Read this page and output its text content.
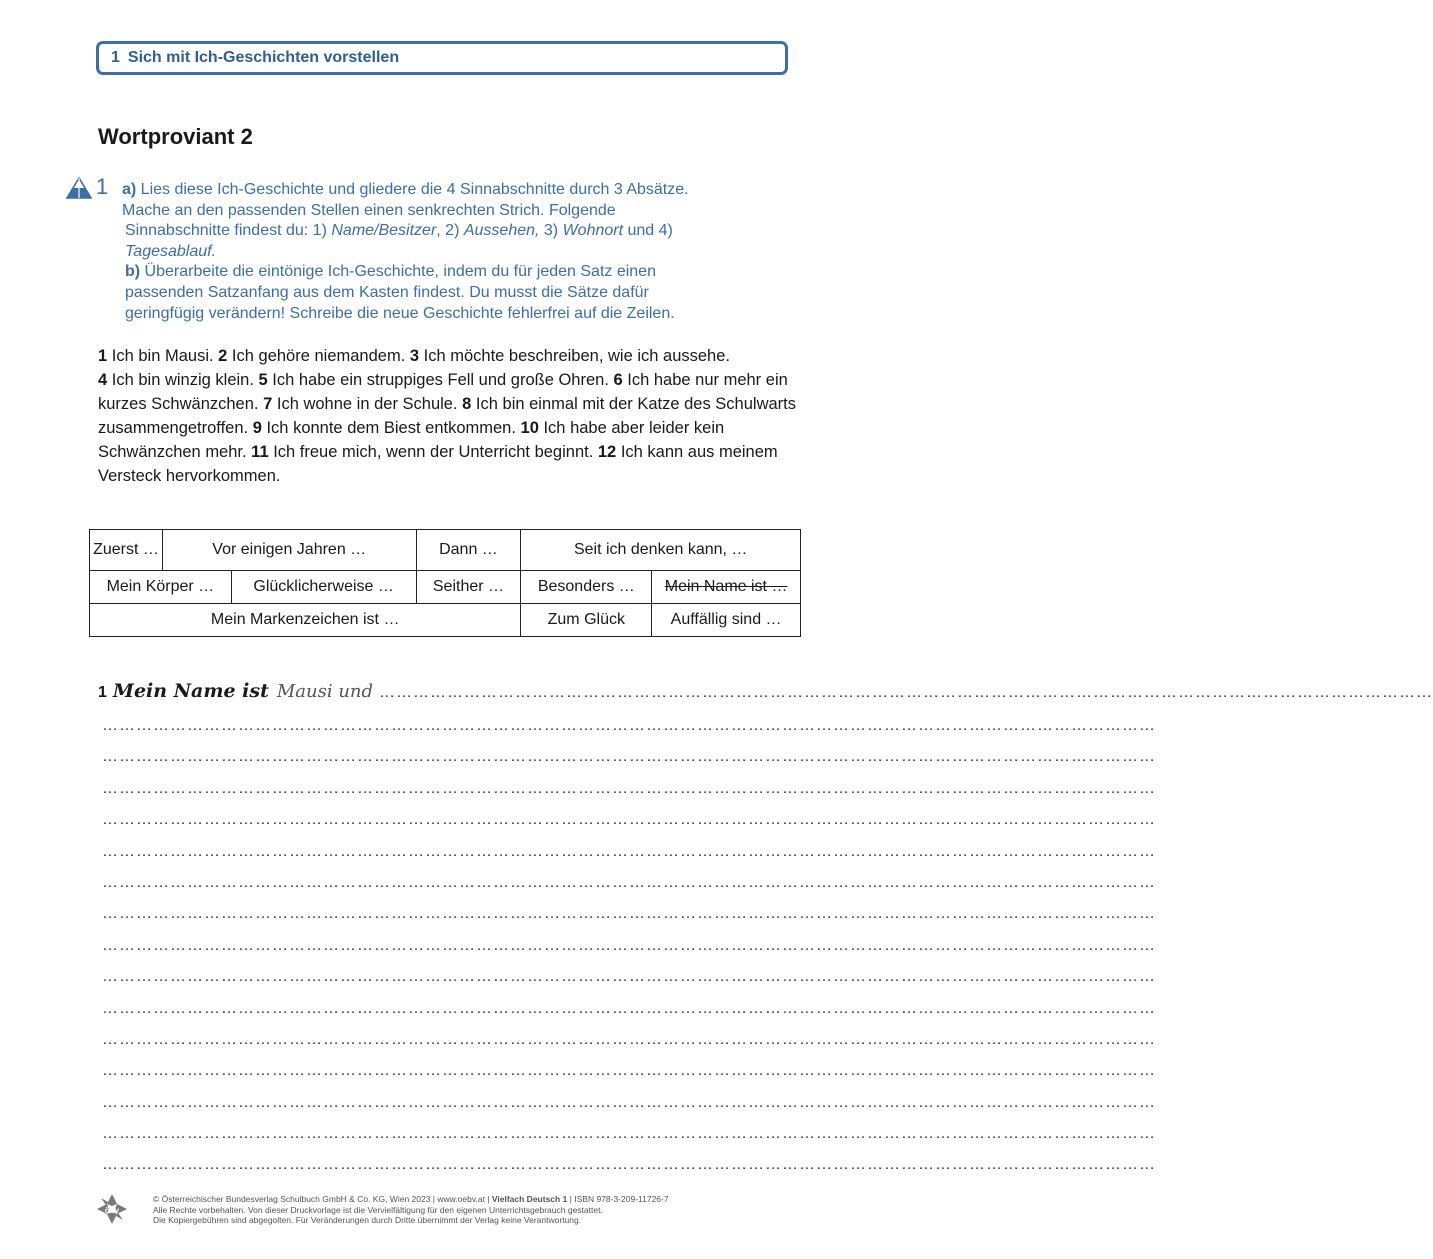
1 Sich mit Ich-Geschichten vorstellen
Wortproviant 2
1 a) Lies diese Ich-Geschichte und gliedere die 4 Sinnabschnitte durch 3 Absätze.

Mache an den passenden Stellen einen senkrechten Strich. Folgende

Sinnabschnitte findest du: 1) Name/Besitzer, 2) Aussehen, 3) Wohnort und 4)

Tagesablauf.

b) Überarbeite die eintönige Ich-Geschichte, indem du für jeden Satz einen

passenden Satzanfang aus dem Kasten findest. Du musst die Sätze dafür

geringfügig verändern! Schreibe die neue Geschichte fehlerfrei auf die Zeilen.

1 Ich bin Mausi. 2 Ich gehöre niemandem. 3 Ich möchte beschreiben, wie ich aussehe.
4 Ich bin winzig klein. 5 Ich habe ein struppiges Fell und große Ohren. 6 Ich habe nur mehr ein kurzes Schwänzchen. 7 Ich wohne in der Schule. 8 Ich bin einmal mit der Katze des Schulwarts zusammengetroffen. 9 Ich konnte dem Biest entkommen. 10 Ich habe aber leider kein Schwänzchen mehr. 11 Ich freue mich, wenn der Unterricht beginnt. 12 Ich kann aus meinem Versteck hervorkommen.
Zuerst …	Vor einigen Jahren …		Dann …	Seit ich denken kann, …	
Mein Körper …		Glücklicherweise …	Seither …	Besonders …	Mein Name ist …
Mein Markenzeichen ist …				Zum Glück	Auffällig sind …
1 Mein Name ist Mausi und ……………………………………………………………………………………………………………………………………………………………………
……………………………………………………………………………………………………………………………………………………………………
……………………………………………………………………………………………………………………………………………………………………
……………………………………………………………………………………………………………………………………………………………………
……………………………………………………………………………………………………………………………………………………………………
……………………………………………………………………………………………………………………………………………………………………
……………………………………………………………………………………………………………………………………………………………………
……………………………………………………………………………………………………………………………………………………………………
……………………………………………………………………………………………………………………………………………………………………
……………………………………………………………………………………………………………………………………………………………………
……………………………………………………………………………………………………………………………………………………………………
……………………………………………………………………………………………………………………………………………………………………
……………………………………………………………………………………………………………………………………………………………………
……………………………………………………………………………………………………………………………………………………………………
……………………………………………………………………………………………………………………………………………………………………
……………………………………………………………………………………………………………………………………………………………………
öbv
© Österreichischer Bundesverlag Schulbuch GmbH & Co. KG, Wien 2023 | www.oebv.at | Vielfach Deutsch 1 | ISBN 978-3-209-11726-7
Alle Rechte vorbehalten. Von dieser Druckvorlage ist die Vervielfältigung für den eigenen Unterrichtsgebrauch gestattet.
Die Kopiergebühren sind abgegolten. Für Veränderungen durch Dritte übernimmt der Verlag keine Verantwortung.
